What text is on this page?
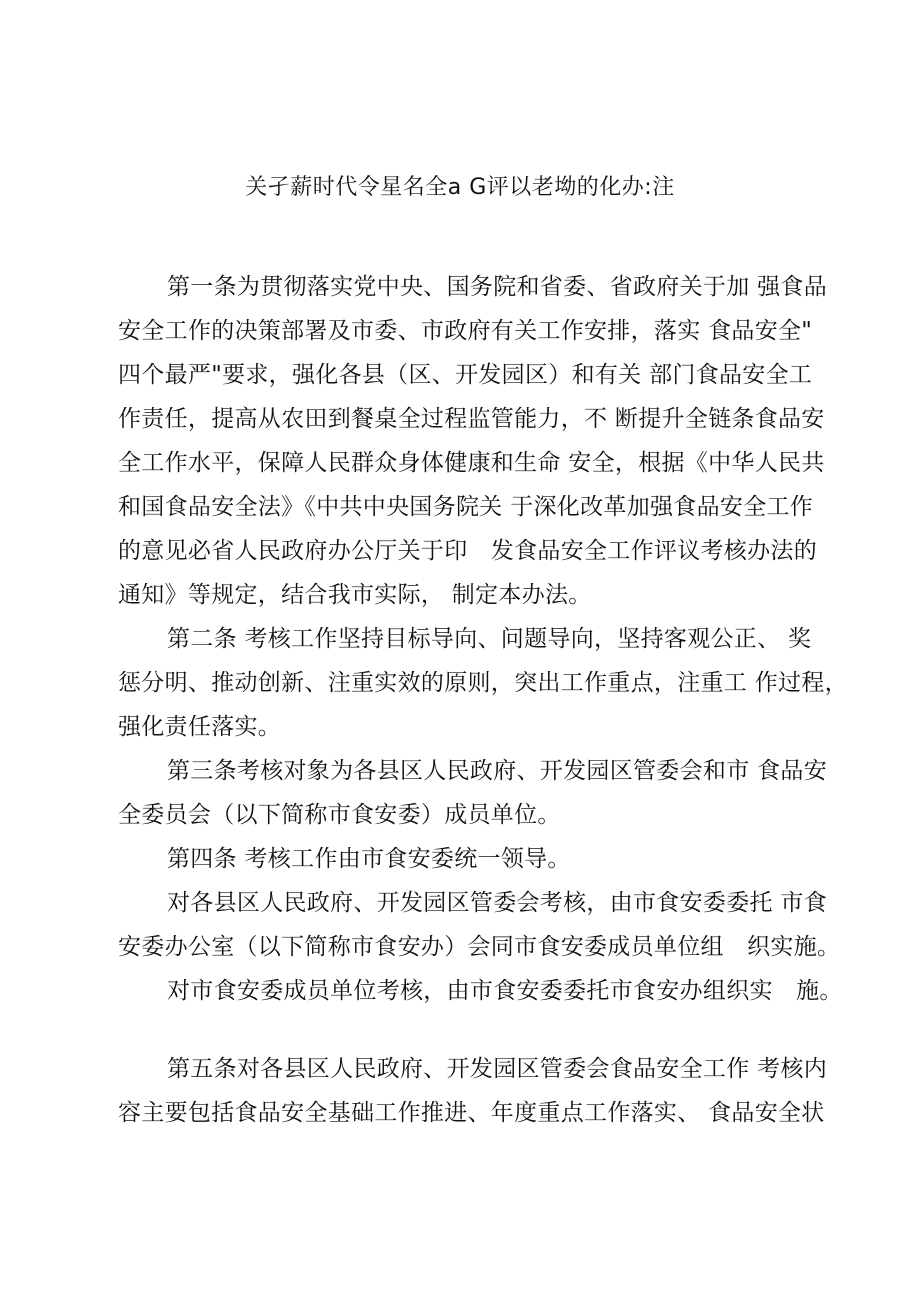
关孑薪时代令星名全a G评以老坳的化办:注
第一条为贯彻落实党中央、国务院和省委、省政府关于加 强食品
安全工作的决策部署及市委、市政府有关工作安排，落实 食品安全"
四个最严"要求，强化各县（区、开发园区）和有关 部门食品安全工
作责任，提高从农田到餐桌全过程监管能力，不 断提升全链条食品安
全工作水平，保障人民群众身体健康和生命 安全，根据《中华人民共
和国食品安全法》《中共中央国务院关 于深化改革加强食品安全工作
的意见必省人民政府办公厅关于印　发食品安全工作评议考核办法的
通知》等规定，结合我市实际， 制定本办法。
第二条 考核工作坚持目标导向、问题导向，坚持客观公正、 奖
惩分明、推动创新、注重实效的原则，突出工作重点，注重工 作过程，
强化责任落实。
第三条考核对象为各县区人民政府、开发园区管委会和市 食品安
全委员会（以下简称市食安委）成员单位。
第四条 考核工作由市食安委统一领导。
对各县区人民政府、开发园区管委会考核，由市食安委委托 市食
安委办公室（以下简称市食安办）会同市食安委成员单位组　织实施。
对市食安委成员单位考核，由市食安委委托市食安办组织实　施。
第五条对各县区人民政府、开发园区管委会食品安全工作 考核内
容主要包括食品安全基础工作推进、年度重点工作落实、 食品安全状
